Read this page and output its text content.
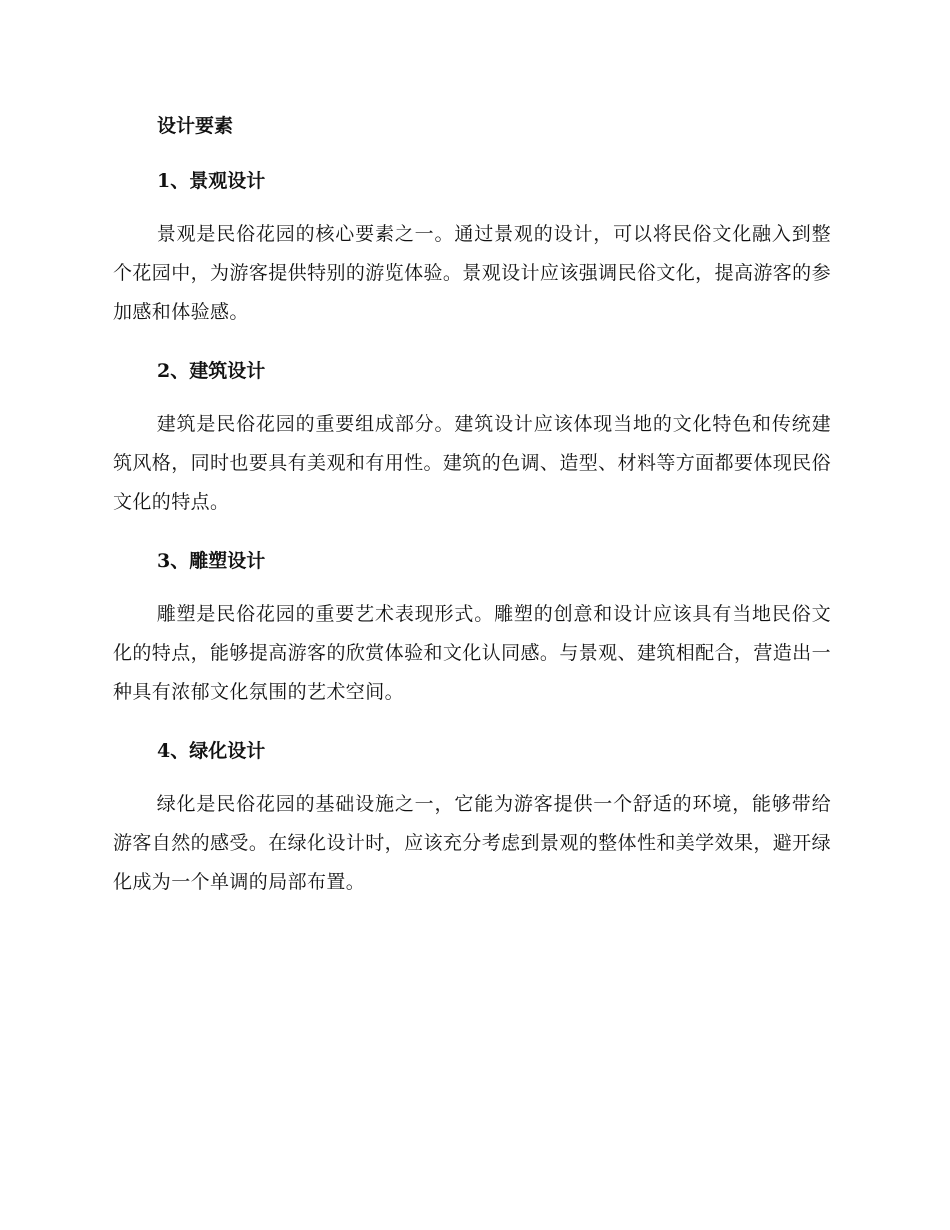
设计要素
1、景观设计

景观是民俗花园的核心要素之一。通过景观的设计，可以将民俗文化融入到整个花园中，为游客提供特别的游览体验。景观设计应该强调民俗文化，提高游客的参加感和体验感。

2、建筑设计

建筑是民俗花园的重要组成部分。建筑设计应该体现当地的文化特色和传统建筑风格，同时也要具有美观和有用性。建筑的色调、造型、材料等方面都要体现民俗文化的特点。

3、雕塑设计

雕塑是民俗花园的重要艺术表现形式。雕塑的创意和设计应该具有当地民俗文化的特点，能够提高游客的欣赏体验和文化认同感。与景观、建筑相配合，营造出一种具有浓郁文化氛围的艺术空间。

4、绿化设计

绿化是民俗花园的基础设施之一，它能为游客提供一个舒适的环境，能够带给游客自然的感受。在绿化设计时，应该充分考虑到景观的整体性和美学效果，避开绿化成为一个单调的局部布置。
